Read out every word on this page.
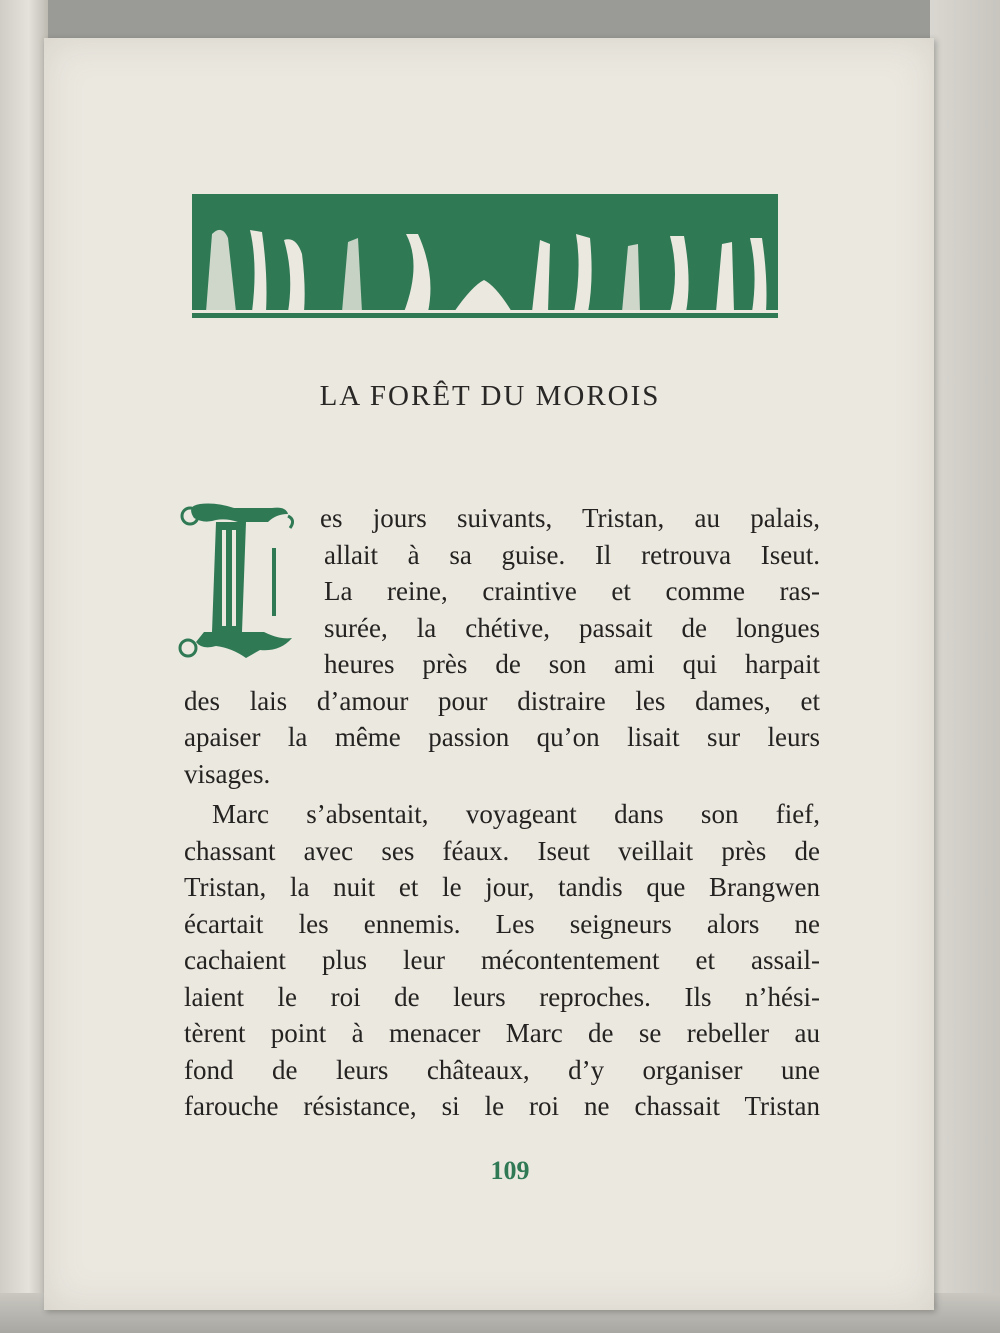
LA FORÊT DU MOROIS
es jours suivants, Tristan, au palais,
allait à sa guise. Il retrouva Iseut.
La reine, craintive et comme ras-
surée, la chétive, passait de longues
heures près de son ami qui harpait
des lais d’amour pour distraire les dames, et
apaiser la même passion qu’on lisait sur leurs
visages.
Marc s’absentait, voyageant dans son fief,
chassant avec ses féaux. Iseut veillait près de
Tristan, la nuit et le jour, tandis que Brangwen
écartait les ennemis. Les seigneurs alors ne
cachaient plus leur mécontentement et assail-
laient le roi de leurs reproches. Ils n’hési-
tèrent point à menacer Marc de se rebeller au
fond de leurs châteaux, d’y organiser une
farouche résistance, si le roi ne chassait Tristan
109
